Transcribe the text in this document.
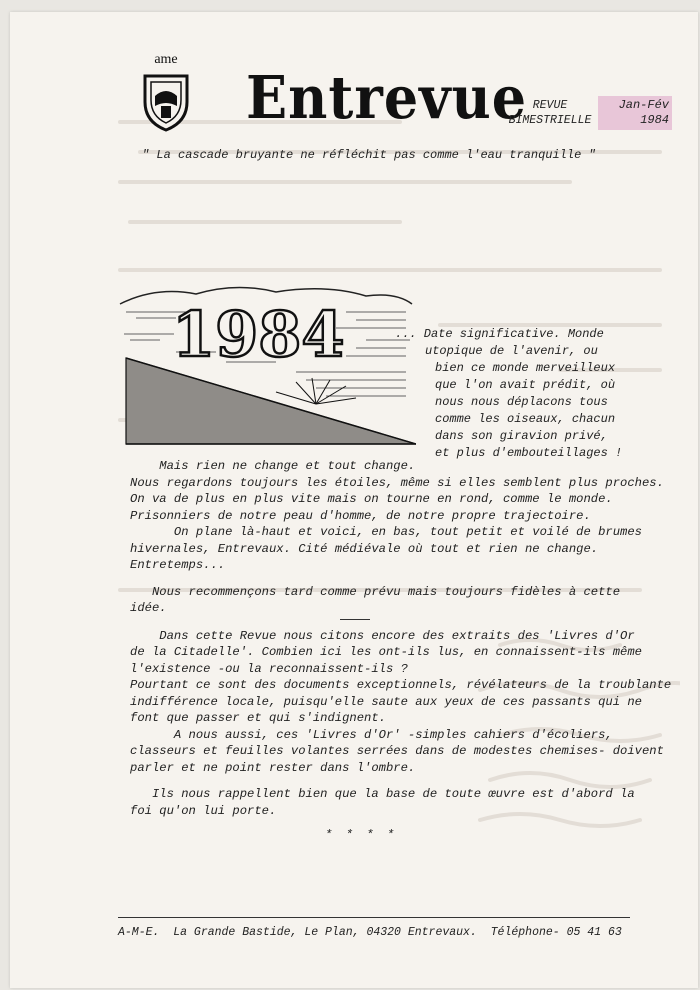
ame
Entrevue REVUE
BIMESTRIELLE
Jan-Fév
1984
" La cascade bruyante ne réfléchit pas comme l'eau tranquille "
1984	... Date significative. Monde
utopique de l'avenir, ou
bien ce monde merveilleux
que l'on avait prédit, où
nous nous déplacons tous
comme les oiseaux, chacun
dans son giravion privé,
et plus d'embouteillages !
Mais rien ne change et tout change.
Nous regardons toujours les étoiles, même si elles semblent plus proches.
On va de plus en plus vite mais on tourne en rond, comme le monde.
Prisonniers de notre peau d'homme, de notre propre trajectoire.
On plane là-haut et voici, en bas, tout petit et voilé de brumes
hivernales, Entrevaux. Cité médiévale où tout et rien ne change.
Entretemps...
Nous recommençons tard comme prévu mais toujours fidèles à cette
idée.
Dans cette Revue nous citons encore des extraits des 'Livres d'Or
de la Citadelle'. Combien ici les ont-ils lus, en connaissent-ils même
l'existence -ou la reconnaissent-ils ?
Pourtant ce sont des documents exceptionnels, révélateurs de la troublante
indifférence locale, puisqu'elle saute aux yeux de ces passants qui ne
font que passer et qui s'indignent.
A nous aussi, ces 'Livres d'Or' -simples cahiers d'écoliers,
classeurs et feuilles volantes serrées dans de modestes chemises- doivent
parler et ne point rester dans l'ombre.
Ils nous rappellent bien que la base de toute œuvre est d'abord la
foi qu'on lui porte.
* * * *
A-M-E.  La Grande Bastide, Le Plan, 04320 Entrevaux.  Téléphone- 05 41 63
